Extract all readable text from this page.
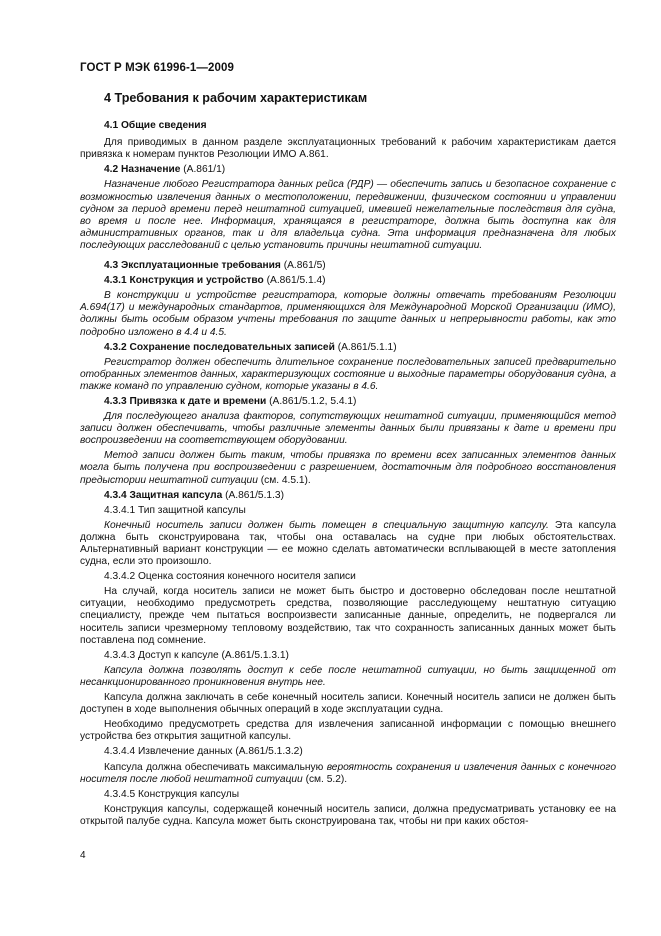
ГОСТ Р МЭК 61996-1—2009
4 Требования к рабочим характеристикам
4.1 Общие сведения

Для приводимых в данном разделе эксплуатационных требований к рабочим характеристикам дается привязка к номерам пунктов Резолюции ИМО A.861.

4.2 Назначение (A.861/1)

Назначение любого Регистратора данных рейса (РДР) — обеспечить запись и безопасное сохранение с возможностью извлечения данных о местоположении, передвижении, физическом состоянии и управлении судном за период времени перед нештатной ситуацией, имевшей нежелательные последствия для судна, во время и после нее. Информация, хранящаяся в регистраторе, должна быть доступна как для административных органов, так и для владельца судна. Эта информация предназначена для любых последующих расследований с целью установить причины нештатной ситуации.

4.3 Эксплуатационные требования (A.861/5)
4.3.1 Конструкция и устройство (A.861/5.1.4)

В конструкции и устройстве регистратора, которые должны отвечать требованиям Резолюции A.694(17) и международных стандартов, применяющихся для Международной Морской Организации (ИМО), должны быть особым образом учтены требования по защите данных и непрерывности работы, как это подробно изложено в 4.4 и 4.5.

4.3.2 Сохранение последовательных записей (A.861/5.1.1)

Регистратор должен обеспечить длительное сохранение последовательных записей предварительно отобранных элементов данных, характеризующих состояние и выходные параметры оборудования судна, а также команд по управлению судном, которые указаны в 4.6.

4.3.3 Привязка к дате и времени (A.861/5.1.2, 5.4.1)

Для последующего анализа факторов, сопутствующих нештатной ситуации, применяющийся метод записи должен обеспечивать, чтобы различные элементы данных были привязаны к дате и времени при воспроизведении на соответствующем оборудовании.

Метод записи должен быть таким, чтобы привязка по времени всех записанных элементов данных могла быть получена при воспроизведении с разрешением, достаточным для подробного восстановления предыстории нештатной ситуации (см. 4.5.1).

4.3.4 Защитная капсула (A.861/5.1.3)
4.3.4.1 Тип защитной капсулы

Конечный носитель записи должен быть помещен в специальную защитную капсулу. Эта капсула должна быть сконструирована так, чтобы она оставалась на судне при любых обстоятельствах. Альтернативный вариант конструкции — ее можно сделать автоматически всплывающей в месте затопления судна, если это произошло.

4.3.4.2 Оценка состояния конечного носителя записи

На случай, когда носитель записи не может быть быстро и достоверно обследован после нештатной ситуации, необходимо предусмотреть средства, позволяющие расследующему нештатную ситуацию специалисту, прежде чем пытаться воспроизвести записанные данные, определить, не подвергался ли носитель записи чрезмерному тепловому воздействию, так что сохранность записанных данных может быть поставлена под сомнение.

4.3.4.3 Доступ к капсуле (A.861/5.1.3.1)

Капсула должна позволять доступ к себе после нештатной ситуации, но быть защищенной от несанкционированного проникновения внутрь нее.

Капсула должна заключать в себе конечный носитель записи. Конечный носитель записи не должен быть доступен в ходе выполнения обычных операций в ходе эксплуатации судна.

Необходимо предусмотреть средства для извлечения записанной информации с помощью внешнего устройства без открытия защитной капсулы.

4.3.4.4 Извлечение данных (A.861/5.1.3.2)

Капсула должна обеспечивать максимальную вероятность сохранения и извлечения данных с конечного носителя после любой нештатной ситуации (см. 5.2).

4.3.4.5 Конструкция капсулы

Конструкция капсулы, содержащей конечный носитель записи, должна предусматривать установку ее на открытой палубе судна. Капсула может быть сконструирована так, чтобы ни при каких обстоя-

4
